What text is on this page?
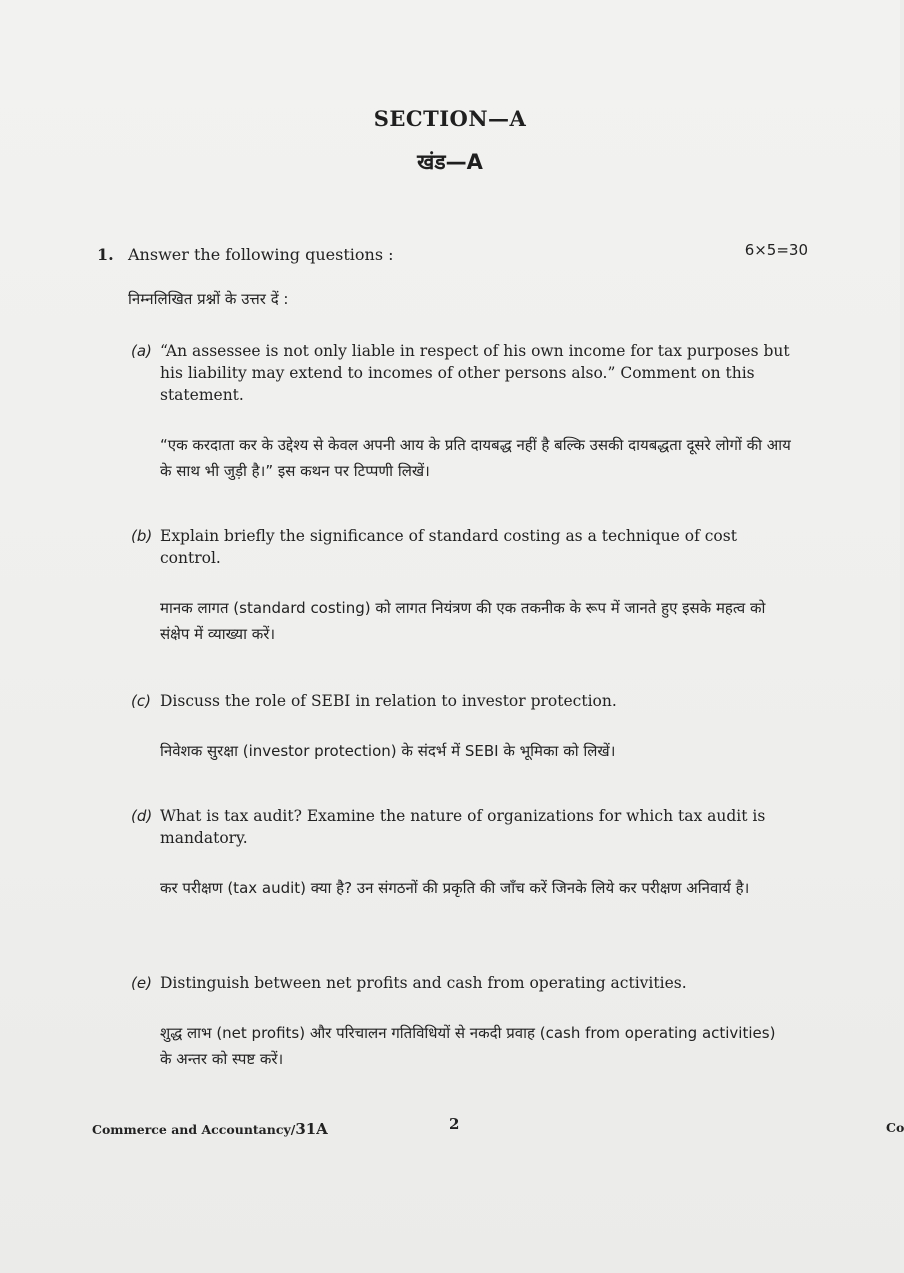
SECTION—A
खंड—A
1. Answer the following questions :	6×5=30
निम्नलिखित प्रश्नों के उत्तर दें :

(a) “An assessee is not only liable in respect of his own income for tax purposes but his liability may extend to incomes of other persons also.” Comment on this statement.

“एक करदाता कर के उद्देश्य से केवल अपनी आय के प्रति दायबद्ध नहीं है बल्कि उसकी दायबद्धता दूसरे लोगों की आय के साथ भी जुड़ी है।” इस कथन पर टिप्पणी लिखें।

(b) Explain briefly the significance of standard costing as a technique of cost control.

मानक लागत (standard costing) को लागत नियंत्रण की एक तकनीक के रूप में जानते हुए इसके महत्व को संक्षेप में व्याख्या करें।

(c) Discuss the role of SEBI in relation to investor protection.

निवेशक सुरक्षा (investor protection) के संदर्भ में SEBI के भूमिका को लिखें।

(d) What is tax audit? Examine the nature of organizations for which tax audit is mandatory.

कर परीक्षण (tax audit) क्या है? उन संगठनों की प्रकृति की जाँच करें जिनके लिये कर परीक्षण अनिवार्य है।

(e) Distinguish between net profits and cash from operating activities.

शुद्ध लाभ (net profits) और परिचालन गतिविधियों से नकदी प्रवाह (cash from operating activities) के अन्तर को स्पष्ट करें।
Commerce and Accountancy/31A	2	Co
